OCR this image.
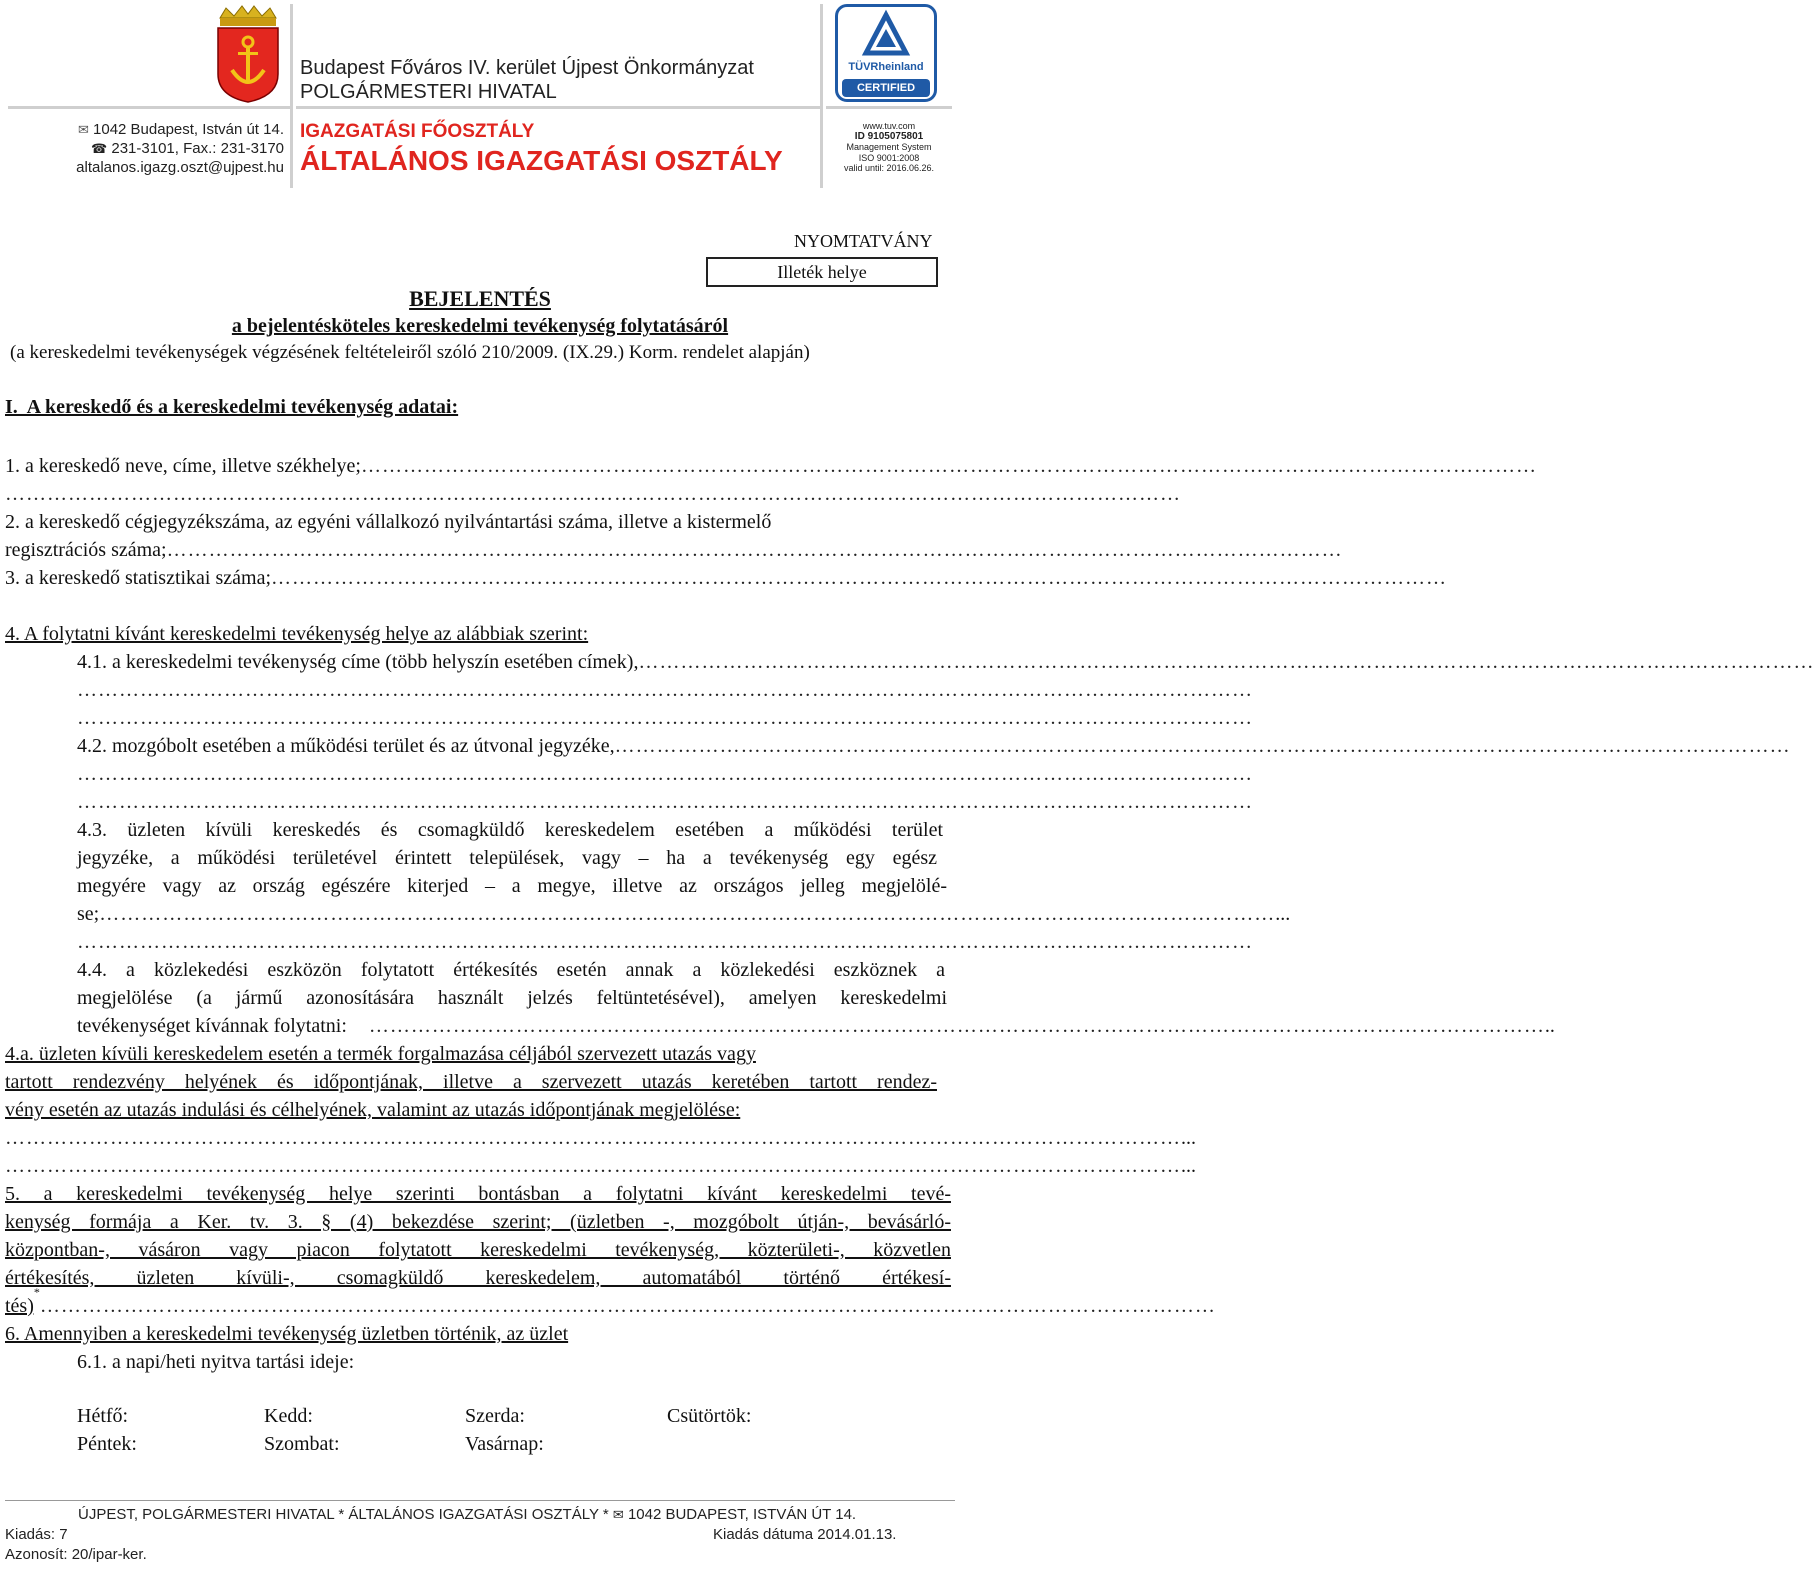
✉ 1042 Budapest, István út 14.
☎ 231-3101, Fax.: 231-3170
altalanos.igazg.oszt@ujpest.hu
Budapest Főváros IV. kerület Újpest Önkormányzat
POLGÁRMESTERI HIVATAL
IGAZGATÁSI FŐOSZTÁLY
ÁLTALÁNOS IGAZGATÁSI OSZTÁLY
TÜVRheinland
CERTIFIED
www.tuv.com
ID 9105075801
Management System
ISO 9001:2008
valid until: 2016.06.26.
NYOMTATVÁNY
Illeték helye
BEJELENTÉS
a bejelentésköteles kereskedelmi tevékenység folytatásáról
(a kereskedelmi tevékenységek végzésének feltételeiről szóló 210/2009. (IX.29.) Korm. rendelet alapján)
I.  A kereskedő és a kereskedelmi tevékenység adatai:
1. a kereskedő neve, címe, illetve székhelye; ……………………………………………………………………………………………………………………………………………………
……………………………………………………………………………………………………………………………………………………
2. a kereskedő cégjegyzékszáma, az egyéni vállalkozó nyilvántartási száma, illetve a kistermelő
regisztrációs száma; ……………………………………………………………………………………………………………………………………………………
3. a kereskedő statisztikai száma; ……………………………………………………………………………………………………………………………………………………
4. A folytatni kívánt kereskedelmi tevékenység helye az alábbiak szerint:
4.1. a kereskedelmi tevékenység címe (több helyszín esetében címek), ……………………………………………………………………………………………………………………………………………………
……………………………………………………………………………………………………………………………………………………
……………………………………………………………………………………………………………………………………………………
4.2. mozgóbolt esetében a működési terület és az útvonal jegyzéke, ……………………………………………………………………………………………………………………………………………………
……………………………………………………………………………………………………………………………………………………
……………………………………………………………………………………………………………………………………………………
4.3. üzleten kívüli kereskedés és csomagküldő kereskedelem esetében a működési terület
jegyzéke, a működési területével érintett települések, vagy – ha a tevékenység egy egész
megyére vagy az ország egészére kiterjed – a megye, illetve az országos jelleg megjelölé-
se; …………………………………………………………………………………………………………………………………………………… ...
……………………………………………………………………………………………………………………………………………………
4.4. a közlekedési eszközön folytatott értékesítés esetén annak a közlekedési eszköznek a
megjelölése (a jármű azonosítására használt jelzés feltüntetésével), amelyen kereskedelmi
tevékenységet kívánnak folytatni: …………………………………………………………………………………………………………………………………………………… ..
4.a. üzleten kívüli kereskedelem esetén a termék forgalmazása céljából szervezett utazás vagy
tartott rendezvény helyének és időpontjának, illetve a szervezett utazás keretében tartott rendez-
vény esetén az utazás indulási és célhelyének, valamint az utazás időpontjának megjelölése:
…………………………………………………………………………………………………………………………………………………… ...
…………………………………………………………………………………………………………………………………………………… ...
5. a kereskedelmi tevékenység helye szerinti bontásban a folytatni kívánt kereskedelmi tevé-
kenység formája a Ker. tv. 3. § (4) bekezdése szerint; (üzletben -, mozgóbolt útján-, bevásárló-
központban-, vásáron vagy piacon folytatott kereskedelmi tevékenység, közterületi-, közvetlen
értékesítés, üzleten kívüli-, csomagküldő kereskedelem, automatából történő értékesí-
tés)
*
……………………………………………………………………………………………………………………………………………………
6. Amennyiben a kereskedelmi tevékenység üzletben történik, az üzlet
6.1. a napi/heti nyitva tartási ideje:
Hétfő:	Kedd:	Szerda:	Csütörtök:
Péntek:	Szombat:	Vasárnap:
ÚJPEST, POLGÁRMESTERI HIVATAL * ÁLTALÁNOS IGAZGATÁSI OSZTÁLY * ✉ 1042 BUDAPEST, ISTVÁN ÚT 14.
Kiadás: 7	Kiadás dátuma 2014.01.13.
Azonosít: 20/ipar-ker.
